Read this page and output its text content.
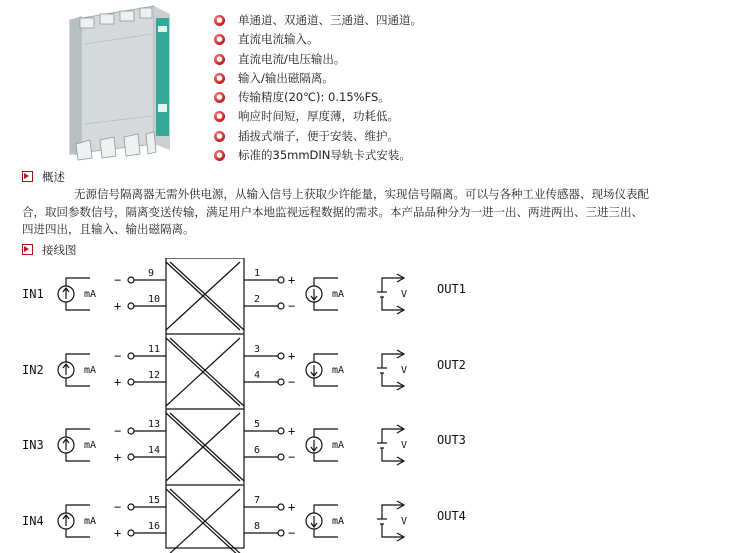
● 单通道、双通道、三通道、四通道。
● 直流电流输入。
● 直流电流/电压输出。
● 输入/输出磁隔离。
● 传输精度(20℃): 0.15%FS。
● 响应时间短，厚度薄，功耗低。
● 插拔式端子，便于安装、维护。
● 标准的35mmDIN导轨卡式安装。
概述

无源信号隔离器无需外供电源，从输入信号上获取少许能量，实现信号隔离。可以与各种工业传感器、现场仪表配合，取回参数信号，隔离变送传输，满足用户本地监视远程数据的需求。本产品品种分为一进一出、两进两出、三进三出、四进四出，且输入、输出磁隔离。

接线图
IN1	mA
−
+
9
10
1
2
+
−
mA	V OUT1
IN2	mA
−
+
11
12
3
4
+
−
mA	V OUT2
IN3	mA
−
+
13
14
5
6
+
−
mA	V OUT3
IN4	mA
−
+
15
16
7
8
+
−
mA	V OUT4
